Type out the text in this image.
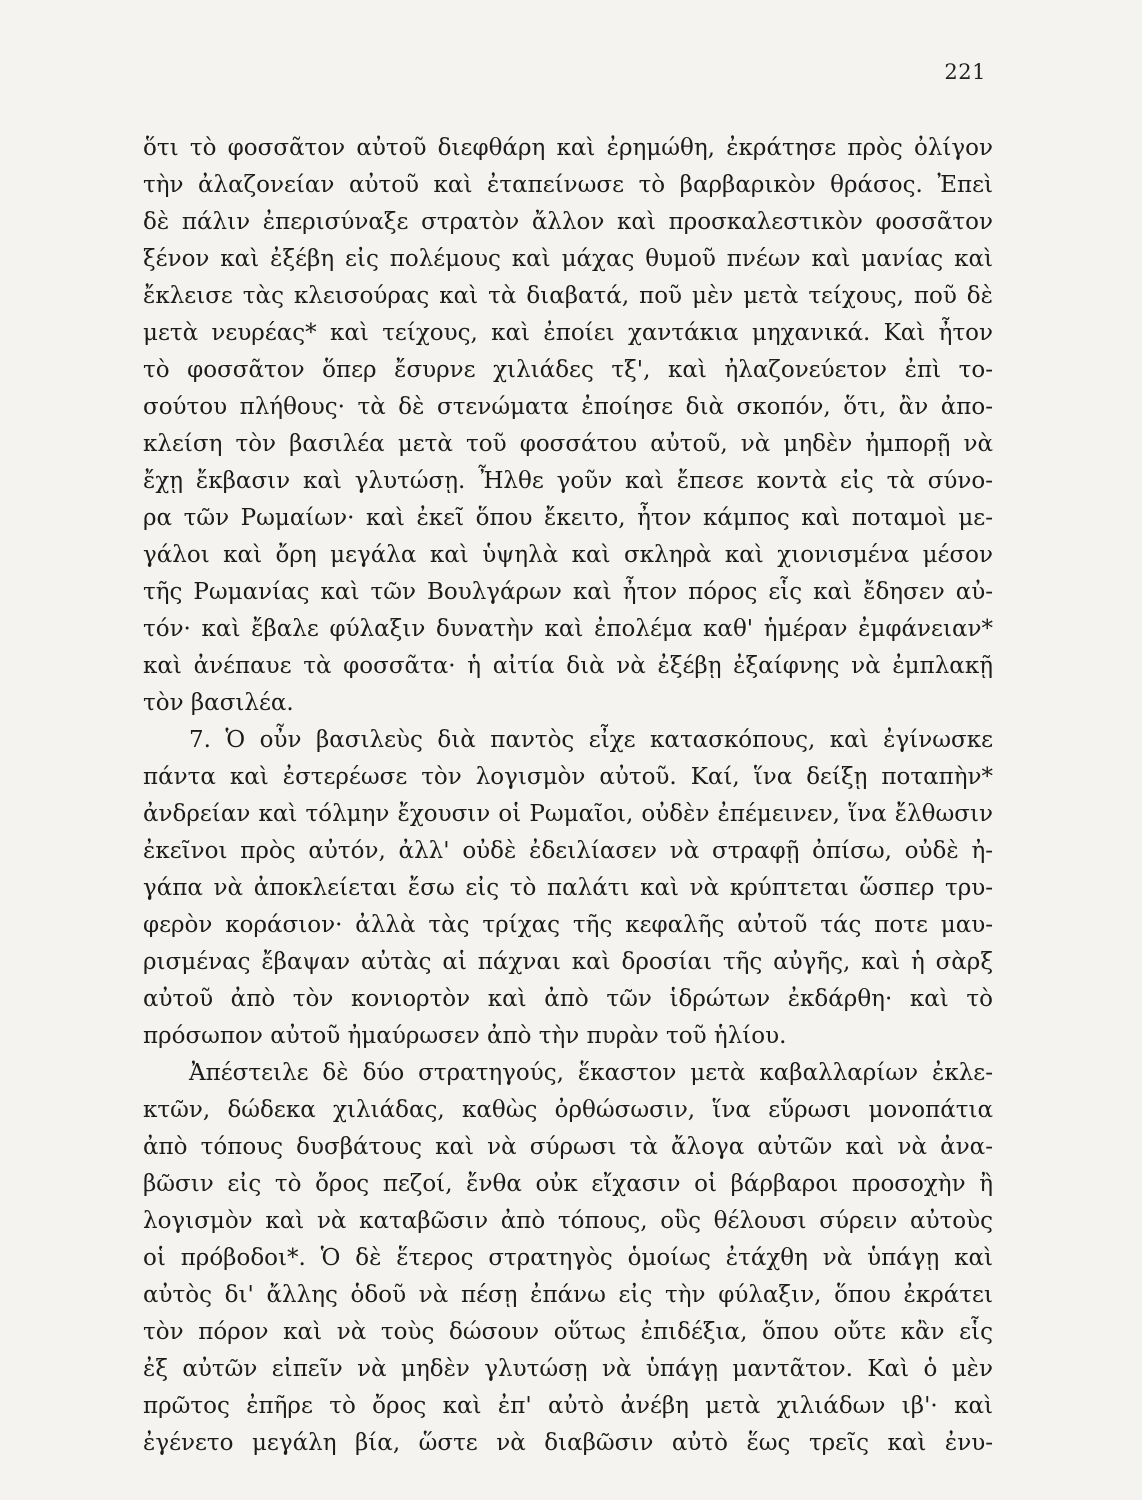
221
ὅτι τὸ φοσσᾶτον αὐτοῦ διεφθάρη καὶ ἐρημώθη, ἐκράτησε πρὸς ὀλίγον
τὴν ἀλαζονείαν αὐτοῦ καὶ ἐταπείνωσε τὸ βαρβαρικὸν θράσος. Ἐπεὶ
δὲ πάλιν ἐπερισύναξε στρατὸν ἄλλον καὶ προσκαλεστικὸν φοσσᾶτον
ξένον καὶ ἐξέβη εἰς πολέμους καὶ μάχας θυμοῦ πνέων καὶ μανίας καὶ
ἔκλεισε τὰς κλεισούρας καὶ τὰ διαβατά, ποῦ μὲν μετὰ τείχους, ποῦ δὲ
μετὰ νευρέας* καὶ τείχους, καὶ ἐποίει χαντάκια μηχανικά. Καὶ ἦτον
τὸ φοσσᾶτον ὅπερ ἔσυρνε χιλιάδες τξ', καὶ ἠλαζονεύετον ἐπὶ το-
σούτου πλήθους· τὰ δὲ στενώματα ἐποίησε διὰ σκοπόν, ὅτι, ἂν ἀπο-
κλείση τὸν βασιλέα μετὰ τοῦ φοσσάτου αὐτοῦ, νὰ μηδὲν ἠμπορῇ νὰ
ἔχῃ ἔκβασιν καὶ γλυτώσῃ. Ἦλθε γοῦν καὶ ἔπεσε κοντὰ εἰς τὰ σύνο-
ρα τῶν Ρωμαίων· καὶ ἐκεῖ ὅπου ἔκειτο, ἦτον κάμπος καὶ ποταμοὶ με-
γάλοι καὶ ὄρη μεγάλα καὶ ὑψηλὰ καὶ σκληρὰ καὶ χιονισμένα μέσον
τῆς Ρωμανίας καὶ τῶν Βουλγάρων καὶ ἦτον πόρος εἷς καὶ ἔδησεν αὐ-
τόν· καὶ ἔβαλε φύλαξιν δυνατὴν καὶ ἐπολέμα καθ' ἡμέραν ἐμφάνειαν*
καὶ ἀνέπαυε τὰ φοσσᾶτα· ἡ αἰτία διὰ νὰ ἐξέβῃ ἐξαίφνης νὰ ἐμπλακῇ
τὸν βασιλέα.
7. Ὁ οὖν βασιλεὺς διὰ παντὸς εἶχε κατασκόπους, καὶ ἐγίνωσκε
πάντα καὶ ἐστερέωσε τὸν λογισμὸν αὐτοῦ. Καί, ἵνα δείξῃ ποταπὴν*
ἀνδρείαν καὶ τόλμην ἔχουσιν οἱ Ρωμαῖοι, οὐδὲν ἐπέμεινεν, ἵνα ἔλθωσιν
ἐκεῖνοι πρὸς αὐτόν, ἀλλ' οὐδὲ ἐδειλίασεν νὰ στραφῇ ὀπίσω, οὐδὲ ἠ-
γάπα νὰ ἀποκλείεται ἔσω εἰς τὸ παλάτι καὶ νὰ κρύπτεται ὥσπερ τρυ-
φερὸν κοράσιον· ἀλλὰ τὰς τρίχας τῆς κεφαλῆς αὐτοῦ τάς ποτε μαυ-
ρισμένας ἔβαψαν αὐτὰς αἱ πάχναι καὶ δροσίαι τῆς αὐγῆς, καὶ ἡ σὰρξ
αὐτοῦ ἀπὸ τὸν κονιορτὸν καὶ ἀπὸ τῶν ἱδρώτων ἐκδάρθη· καὶ τὸ
πρόσωπον αὐτοῦ ἠμαύρωσεν ἀπὸ τὴν πυρὰν τοῦ ἡλίου.
Ἀπέστειλε δὲ δύο στρατηγούς, ἕκαστον μετὰ καβαλλαρίων ἐκλε-
κτῶν, δώδεκα χιλιάδας, καθὼς ὀρθώσωσιν, ἵνα εὕρωσι μονοπάτια
ἀπὸ τόπους δυσβάτους καὶ νὰ σύρωσι τὰ ἄλογα αὐτῶν καὶ νὰ ἀνα-
βῶσιν εἰς τὸ ὄρος πεζοί, ἔνθα οὐκ εἴχασιν οἱ βάρβαροι προσοχὴν ἢ
λογισμὸν καὶ νὰ καταβῶσιν ἀπὸ τόπους, οὓς θέλουσι σύρειν αὐτοὺς
οἱ πρόβοδοι*. Ὁ δὲ ἕτερος στρατηγὸς ὁμοίως ἐτάχθη νὰ ὑπάγῃ καὶ
αὐτὸς δι' ἄλλης ὁδοῦ νὰ πέσῃ ἐπάνω εἰς τὴν φύλαξιν, ὅπου ἐκράτει
τὸν πόρον καὶ νὰ τοὺς δώσουν οὕτως ἐπιδέξια, ὅπου οὔτε κἂν εἷς
ἐξ αὐτῶν εἰπεῖν νὰ μηδὲν γλυτώσῃ νὰ ὑπάγῃ μαντᾶτον. Καὶ ὁ μὲν
πρῶτος ἐπῆρε τὸ ὄρος καὶ ἐπ' αὐτὸ ἀνέβη μετὰ χιλιάδων ιβ'· καὶ
ἐγένετο μεγάλη βία, ὥστε νὰ διαβῶσιν αὐτὸ ἕως τρεῖς καὶ ἐνυ-
